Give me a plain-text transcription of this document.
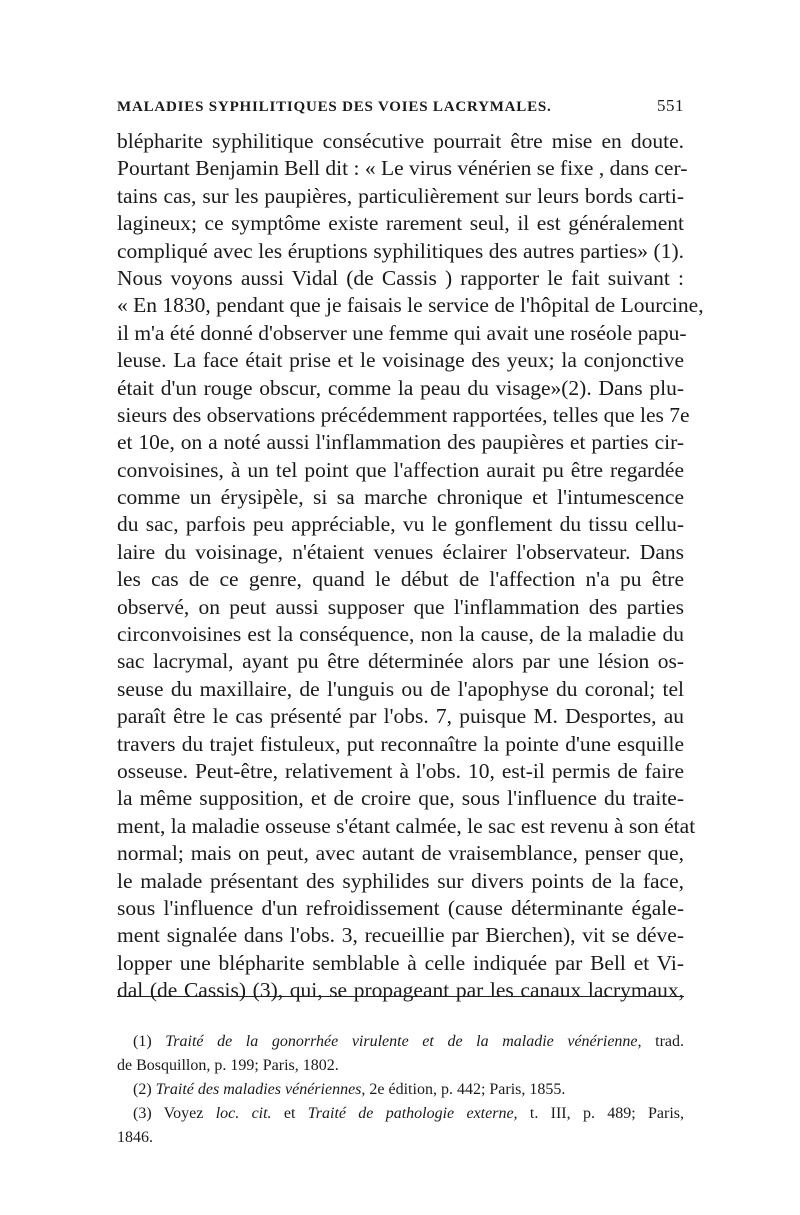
MALADIES SYPHILITIQUES DES VOIES LACRYMALES.	551
blépharite syphilitique consécutive pourrait être mise en doute.
Pourtant Benjamin Bell dit : « Le virus vénérien se fixe , dans cer-
tains cas, sur les paupières, particulièrement sur leurs bords carti-
lagineux; ce symptôme existe rarement seul, il est généralement
compliqué avec les éruptions syphilitiques des autres parties» (1).
Nous voyons aussi Vidal (de Cassis ) rapporter le fait suivant :
« En 1830, pendant que je faisais le service de l'hôpital de Lourcine,
il m'a été donné d'observer une femme qui avait une roséole papu-
leuse. La face était prise et le voisinage des yeux; la conjonctive
était d'un rouge obscur, comme la peau du visage»(2). Dans plu-
sieurs des observations précédemment rapportées, telles que les 7e
et 10e, on a noté aussi l'inflammation des paupières et parties cir-
convoisines, à un tel point que l'affection aurait pu être regardée
comme un érysipèle, si sa marche chronique et l'intumescence
du sac, parfois peu appréciable, vu le gonflement du tissu cellu-
laire du voisinage, n'étaient venues éclairer l'observateur. Dans
les cas de ce genre, quand le début de l'affection n'a pu être
observé, on peut aussi supposer que l'inflammation des parties
circonvoisines est la conséquence, non la cause, de la maladie du
sac lacrymal, ayant pu être déterminée alors par une lésion os-
seuse du maxillaire, de l'unguis ou de l'apophyse du coronal; tel
paraît être le cas présenté par l'obs. 7, puisque M. Desportes, au
travers du trajet fistuleux, put reconnaître la pointe d'une esquille
osseuse. Peut-être, relativement à l'obs. 10, est-il permis de faire
la même supposition, et de croire que, sous l'influence du traite-
ment, la maladie osseuse s'étant calmée, le sac est revenu à son état
normal; mais on peut, avec autant de vraisemblance, penser que,
le malade présentant des syphilides sur divers points de la face,
sous l'influence d'un refroidissement (cause déterminante égale-
ment signalée dans l'obs. 3, recueillie par Bierchen), vit se déve-
lopper une blépharite semblable à celle indiquée par Bell et Vi-
dal (de Cassis) (3), qui, se propageant par les canaux lacrymaux,
(1) Traité de la gonorrhée virulente et de la maladie vénérienne, trad.
de Bosquillon, p. 199; Paris, 1802.
(2) Traité des maladies vénériennes, 2e édition, p. 442; Paris, 1855.
(3) Voyez loc. cit. et Traité de pathologie externe, t. III, p. 489; Paris,
1846.
